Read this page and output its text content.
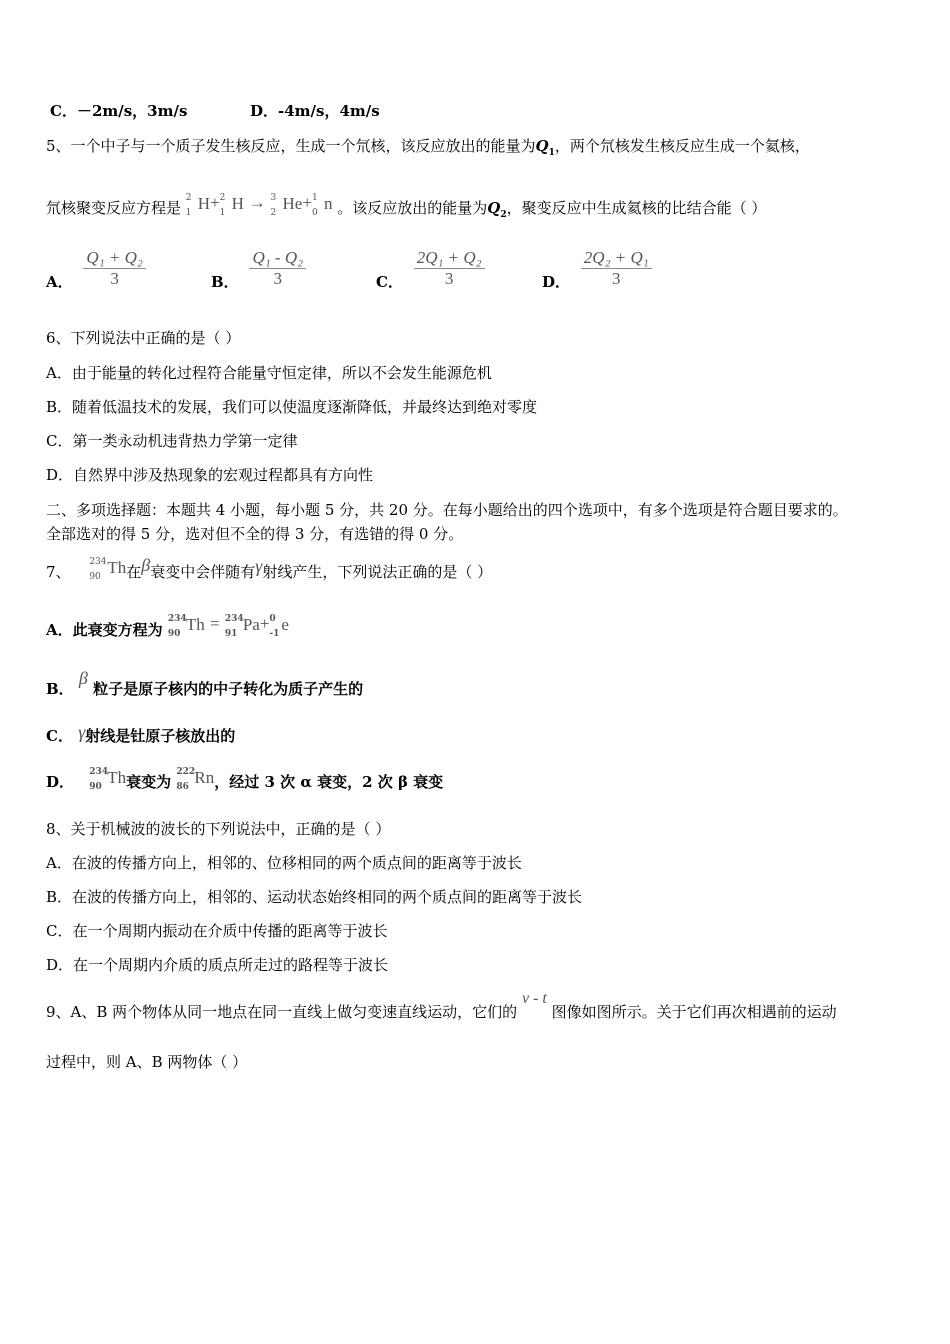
C．－2m/s，3m/s	D．-4m/s，4m/s
5、一个中子与一个质子发生核反应，生成一个氘核，该反应放出的能量为$Q_1$，两个氘核发生核反应生成一个氦核，
氘核聚变反应方程是
2
1 H+ 2
1 H → 3
2 He+ 1
0 n 。该反应放出的能量为$Q_2$，聚变反应中生成氦核的比结合能（ ）
A． $\frac{\text{Q₁ + Q₂}}{3}$	B． $\frac{\text{Q₁ - Q₂}}{3}$	C． $\frac{\text{2Q₁ + Q₂}}{3}$	D． $\frac{\text{2Q₂ + Q₁}}{3}$
6、下列说法中正确的是（ ）
A．由于能量的转化过程符合能量守恒定律，所以不会发生能源危机
B．随着低温技术的发展，我们可以使温度逐渐降低，并最终达到绝对零度
C．第一类永动机违背热力学第一定律
D．自然界中涉及热现象的宏观过程都具有方向性
二、多项选择题：本题共 4 小题，每小题 5 分，共 20 分。在每小题给出的四个选项中，有多个选项是符合题目要求的。
全部选对的得 5 分，选对但不全的得 3 分，有选错的得 0 分。
7、
234
90 Th在β衰变中会伴随有γ射线产生，下列说法正确的是（ ）
A．此衰变方程为
234
90 Th = 234
91 Pa+ 0
-1 e
B． β 粒子是原子核内的中子转化为质子产生的
C． γ射线是钍原子核放出的
D．
234
90 Th衰变为
222
86 Rn，经过 3 次 α 衰变，2 次 β 衰变
8、关于机械波的波长的下列说法中，正确的是（ ）
A．在波的传播方向上，相邻的、位移相同的两个质点间的距离等于波长
B．在波的传播方向上，相邻的、运动状态始终相同的两个质点间的距离等于波长
C．在一个周期内振动在介质中传播的距离等于波长
D．在一个周期内介质的质点所走过的路程等于波长
9、A、B 两个物体从同一地点在同一直线上做匀变速直线运动，它们的 v - t 图像如图所示。关于它们再次相遇前的运动
过程中，则 A、B 两物体（ ）
